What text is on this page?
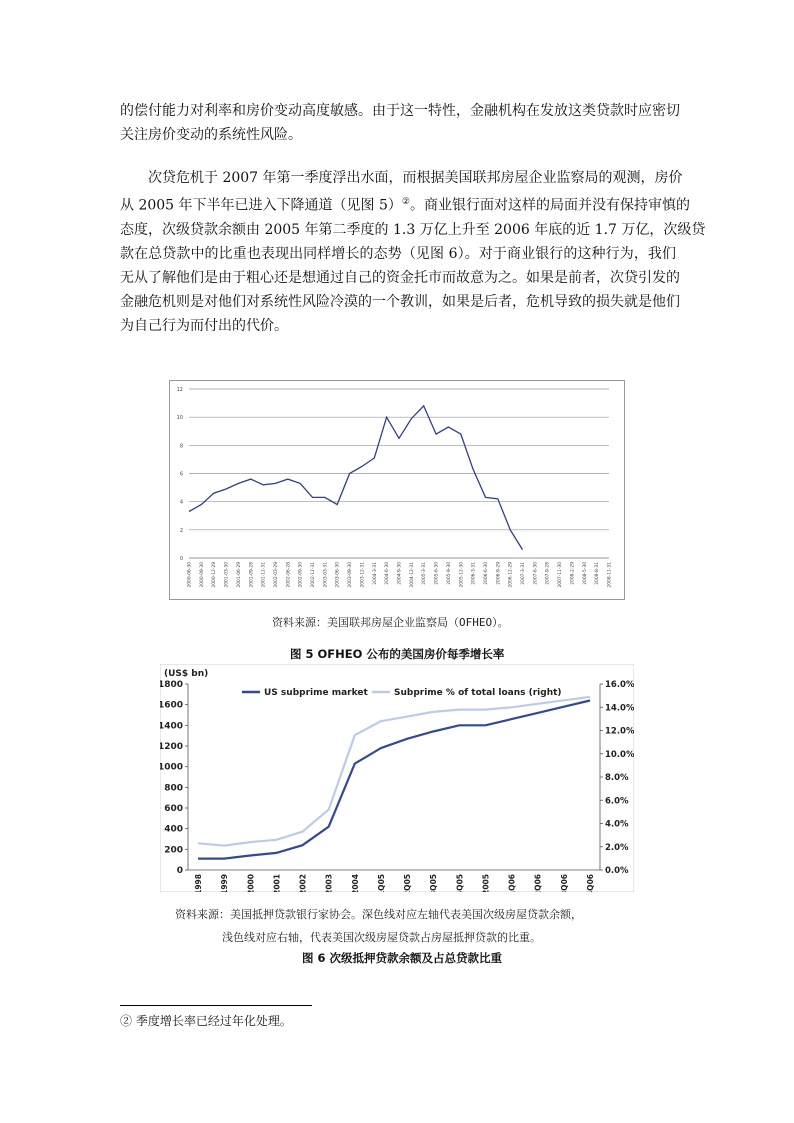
的偿付能力对利率和房价变动高度敏感。由于这一特性，金融机构在发放这类贷款时应密切
关注房价变动的系统性风险。
次贷危机于 2007 年第一季度浮出水面，而根据美国联邦房屋企业监察局的观测，房价
从 2005 年下半年已进入下降通道（见图 5）②。商业银行面对这样的局面并没有保持审慎的
态度，次级贷款余额由 2005 年第二季度的 1.3 万亿上升至 2006 年底的近 1.7 万亿，次级贷
款在总贷款中的比重也表现出同样增长的态势（见图 6）。对于商业银行的这种行为，我们
无从了解他们是由于粗心还是想通过自己的资金托市而故意为之。如果是前者，次贷引发的
金融危机则是对他们对系统性风险冷漠的一个教训，如果是后者，危机导致的损失就是他们
为自己行为而付出的代价。
0
2
4
6
8
10
12
2000-06-30 2000-09-30 2000-12-29 2001-03-30 2001-06-29 2001-09-28 2001-12-31 2002-03-29 2002-06-28 2002-09-30 2002-12-31 2003-03-31 2003-06-30 2003-09-30 2003-12-31 2004-3-31 2004-6-30 2004-9-30 2004-12-31 2005-3-31 2005-6-30 2005-9-30 2005-12-30 2006-3-31 2006-6-30 2006-9-29 2006-12-29 2007-3-31 2007-6-30 2007-9-28 2007-11-30 2008-2-29 2008-5-30 2008-8-31 2008-11-31
资料来源：美国联邦房屋企业监察局（OFHEO）。
图 5 OFHEO 公布的美国房价每季增长率
(US$ bn)
0
200
400
600
800
1000
1200
1400
1600
1800
0.0%
2.0%
4.0%
6.0%
8.0%
10.0%
12.0%
14.0%
16.0%
1998 1999 2000 2001 2002 2003 2004 1Q05 2Q05 3Q05 4Q05 2005 1Q06 2Q06 3Q06 4Q06
US subprime market	Subprime % of total loans (right)
资料来源：美国抵押贷款银行家协会。深色线对应左轴代表美国次级房屋贷款余额，
浅色线对应右轴，代表美国次级房屋贷款占房屋抵押贷款的比重。
图 6 次级抵押贷款余额及占总贷款比重
② 季度增长率已经过年化处理。
